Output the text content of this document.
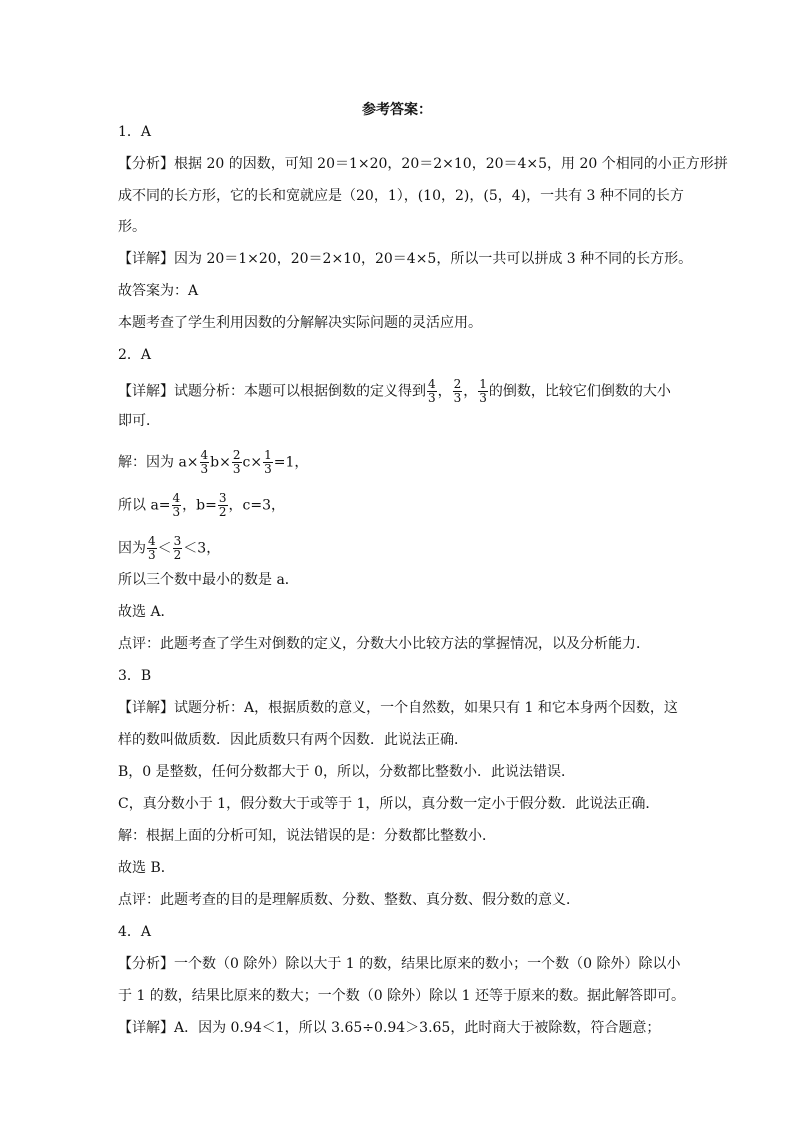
参考答案：
1．A
【分析】根据 20 的因数，可知 20＝1×20，20＝2×10，20＝4×5，用 20 个相同的小正方形拼
成不同的长方形，它的长和宽就应是（20，1），(10，2)，(5，4)，一共有 3 种不同的长方
形。
【详解】因为 20＝1×20，20＝2×10，20＝4×5，所以一共可以拼成 3 种不同的长方形。
故答案为：A
本题考查了学生利用因数的分解解决实际问题的灵活应用。
2．A
【详解】试题分析：本题可以根据倒数的定义得到 $\frac{4}{3}$ ， $\frac{2}{3}$ ， $\frac{1}{3}$ 的倒数，比较它们倒数的大小
即可．
解：因为 $a\times \frac{4}{3} b\times \frac{2}{3} c\times \frac{1}{3} =1$，
所以 $a= \frac{4}{3}$ ，$b= \frac{3}{2}$ ，c=3，
因为 $\frac{4}{3} < \frac{3}{2} <3$，
所以三个数中最小的数是 a．
故选 A．
点评：此题考查了学生对倒数的定义，分数大小比较方法的掌握情况，以及分析能力．
3．B
【详解】试题分析：A，根据质数的意义，一个自然数，如果只有 1 和它本身两个因数，这
样的数叫做质数．因此质数只有两个因数．此说法正确．
B，0 是整数，任何分数都大于 0，所以，分数都比整数小．此说法错误．
C，真分数小于 1，假分数大于或等于 1，所以，真分数一定小于假分数．此说法正确．
解：根据上面的分析可知，说法错误的是：分数都比整数小．
故选 B．
点评：此题考查的目的是理解质数、分数、整数、真分数、假分数的意义．
4．A
【分析】一个数（0 除外）除以大于 1 的数，结果比原来的数小；一个数（0 除外）除以小
于 1 的数，结果比原来的数大；一个数（0 除外）除以 1 还等于原来的数。据此解答即可。
【详解】A．因为 0.94＜1，所以 3.65÷0.94＞3.65，此时商大于被除数，符合题意；
